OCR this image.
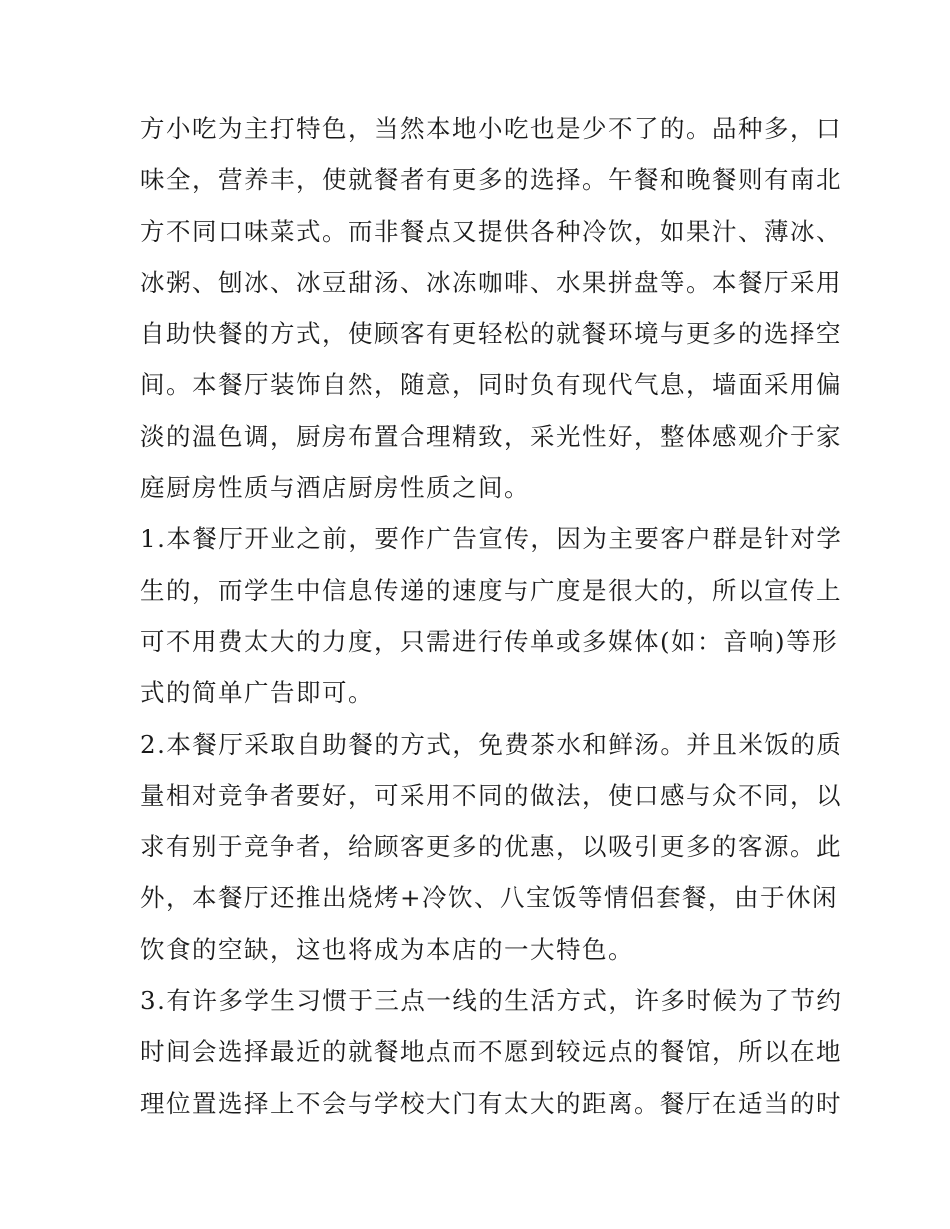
方小吃为主打特色，当然本地小吃也是少不了的。品种多，口
味全，营养丰，使就餐者有更多的选择。午餐和晚餐则有南北
方不同口味菜式。而非餐点又提供各种冷饮，如果汁、薄冰、
冰粥、刨冰、冰豆甜汤、冰冻咖啡、水果拼盘等。本餐厅采用
自助快餐的方式，使顾客有更轻松的就餐环境与更多的选择空
间。本餐厅装饰自然，随意，同时负有现代气息，墙面采用偏
淡的温色调，厨房布置合理精致，采光性好，整体感观介于家
庭厨房性质与酒店厨房性质之间。
1.本餐厅开业之前，要作广告宣传，因为主要客户群是针对学
生的，而学生中信息传递的速度与广度是很大的，所以宣传上
可不用费太大的力度，只需进行传单或多媒体(如：音响)等形
式的简单广告即可。
2.本餐厅采取自助餐的方式，免费茶水和鲜汤。并且米饭的质
量相对竞争者要好，可采用不同的做法，使口感与众不同，以
求有别于竞争者，给顾客更多的优惠，以吸引更多的客源。此
外，本餐厅还推出烧烤+冷饮、八宝饭等情侣套餐，由于休闲
饮食的空缺，这也将成为本店的一大特色。
3.有许多学生习惯于三点一线的生活方式，许多时候为了节约
时间会选择最近的就餐地点而不愿到较远点的餐馆，所以在地
理位置选择上不会与学校大门有太大的距离。餐厅在适当的时
